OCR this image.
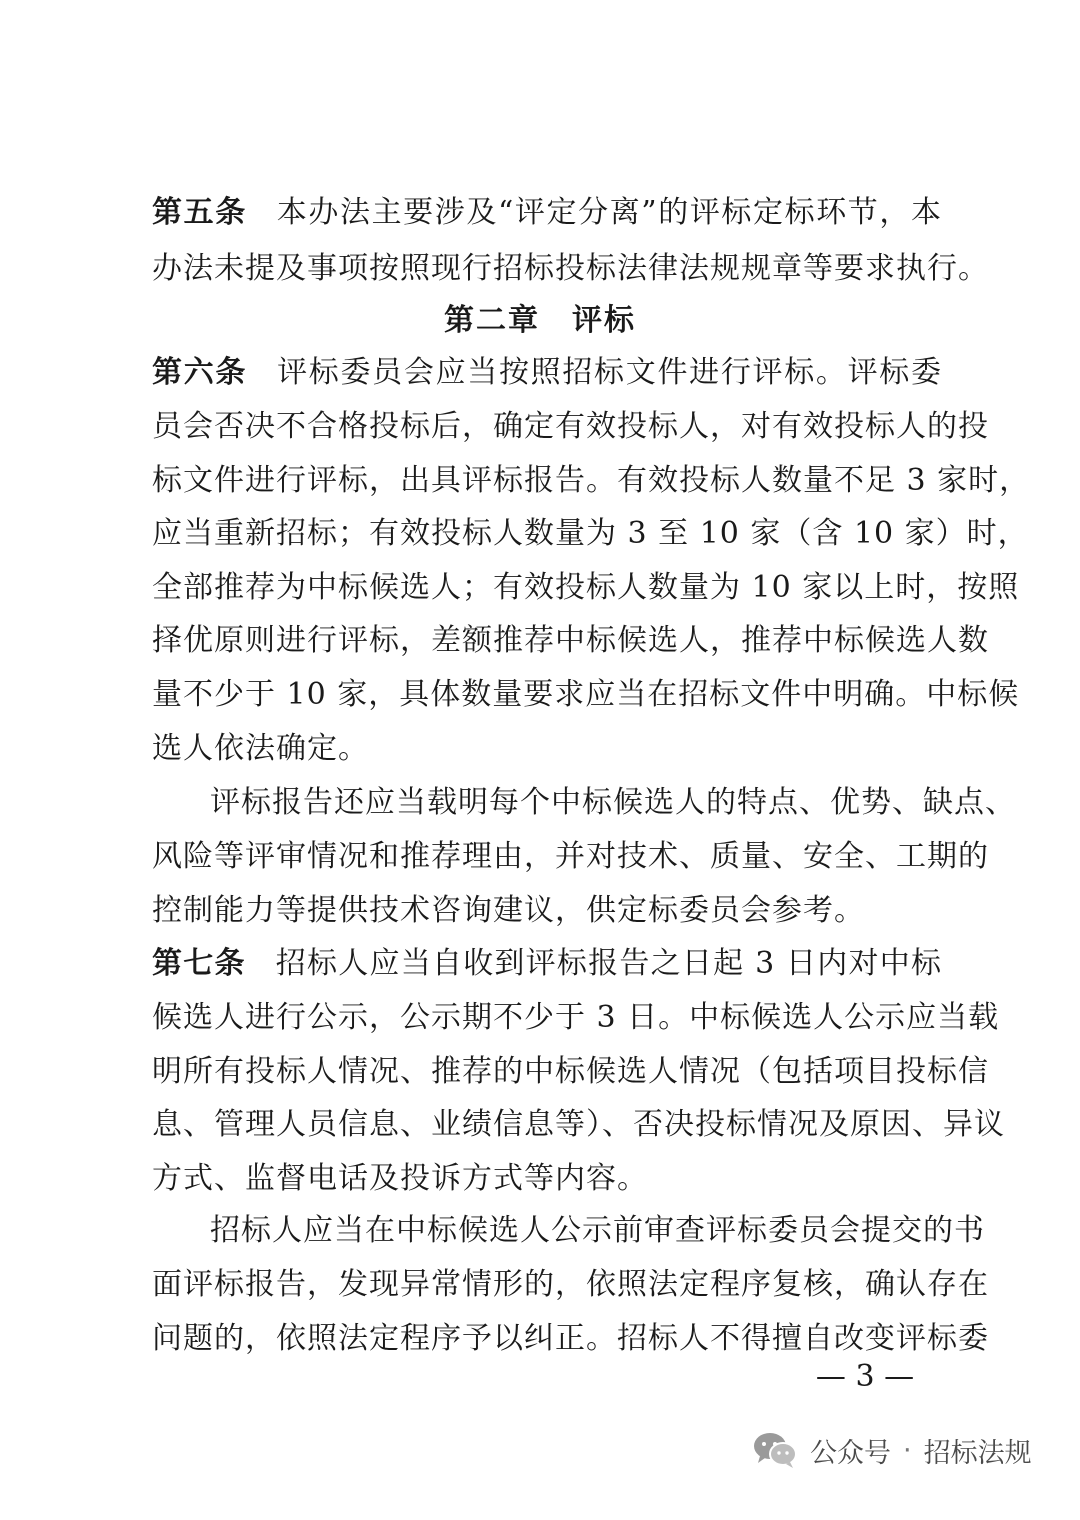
第五条 本办法主要涉及“评定分离”的评标定标环节，本
办法未提及事项按照现行招标投标法律法规规章等要求执行。
第二章　评标
第六条 评标委员会应当按照招标文件进行评标。评标委
员会否决不合格投标后，确定有效投标人，对有效投标人的投
标文件进行评标，出具评标报告。有效投标人数量不足 3 家时，
应当重新招标；有效投标人数量为 3 至 10 家（含 10 家）时，
全部推荐为中标候选人；有效投标人数量为 10 家以上时，按照
择优原则进行评标，差额推荐中标候选人，推荐中标候选人数
量不少于 10 家，具体数量要求应当在招标文件中明确。中标候
选人依法确定。
评标报告还应当载明每个中标候选人的特点、优势、缺点、
风险等评审情况和推荐理由，并对技术、质量、安全、工期的
控制能力等提供技术咨询建议，供定标委员会参考。
第七条 招标人应当自收到评标报告之日起 3 日内对中标
候选人进行公示，公示期不少于 3 日。中标候选人公示应当载
明所有投标人情况、推荐的中标候选人情况（包括项目投标信
息、管理人员信息、业绩信息等）、否决投标情况及原因、异议
方式、监督电话及投诉方式等内容。
招标人应当在中标候选人公示前审查评标委员会提交的书
面评标报告，发现异常情形的，依照法定程序复核，确认存在
问题的，依照法定程序予以纠正。招标人不得擅自改变评标委
— 3 —
公众号 · 招标法规
